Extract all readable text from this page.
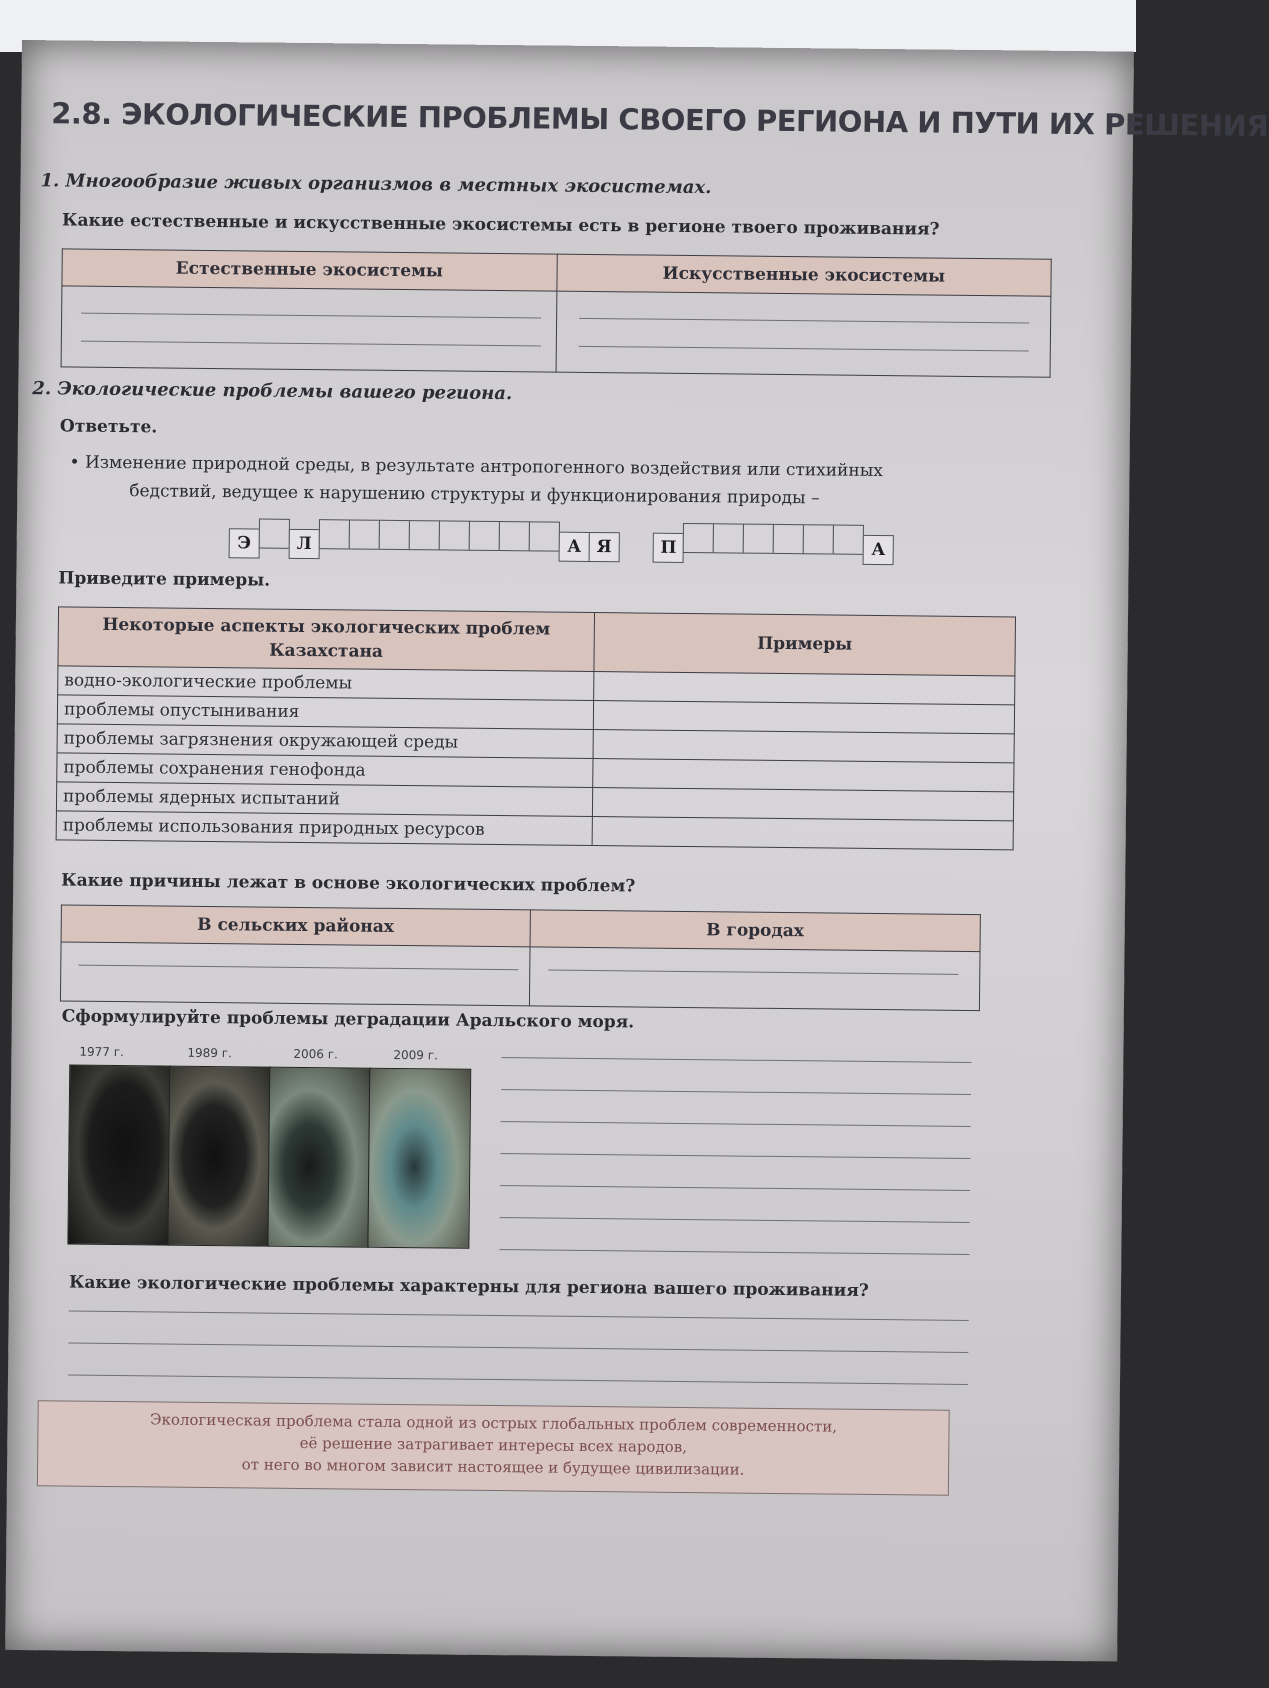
2.8. ЭКОЛОГИЧЕСКИЕ ПРОБЛЕМЫ СВОЕГО РЕГИОНА И ПУТИ ИХ РЕШЕНИЯ
1. Многообразие живых организмов в местных экосистемах.
Какие естественные и искусственные экосистемы есть в регионе твоего проживания?
Естественные экосистемы	Искусственные экосистемы

2. Экологические проблемы вашего региона.
Ответьте.
• Изменение природной среды, в результате антропогенного воздействия или стихийных
бедствий, ведущее к нарушению структуры и функционирования природы –
Э	Л	А Я	П	А
Приведите примеры.
Некоторые аспекты экологических проблем Казахстана	Примеры
водно-экологические проблемы	
проблемы опустынивания	
проблемы загрязнения окружающей среды	
проблемы сохранения генофонда	
проблемы ядерных испытаний	
проблемы использования природных ресурсов	
Какие причины лежат в основе экологических проблем?
В сельских районах	В городах

Сформулируйте проблемы деградации Аральского моря.
1977 г.	1989 г.	2006 г.	2009 г.
Какие экологические проблемы характерны для региона вашего проживания?
Экологическая проблема стала одной из острых глобальных проблем современности,
её решение затрагивает интересы всех народов,
от него во многом зависит настоящее и будущее цивилизации.
